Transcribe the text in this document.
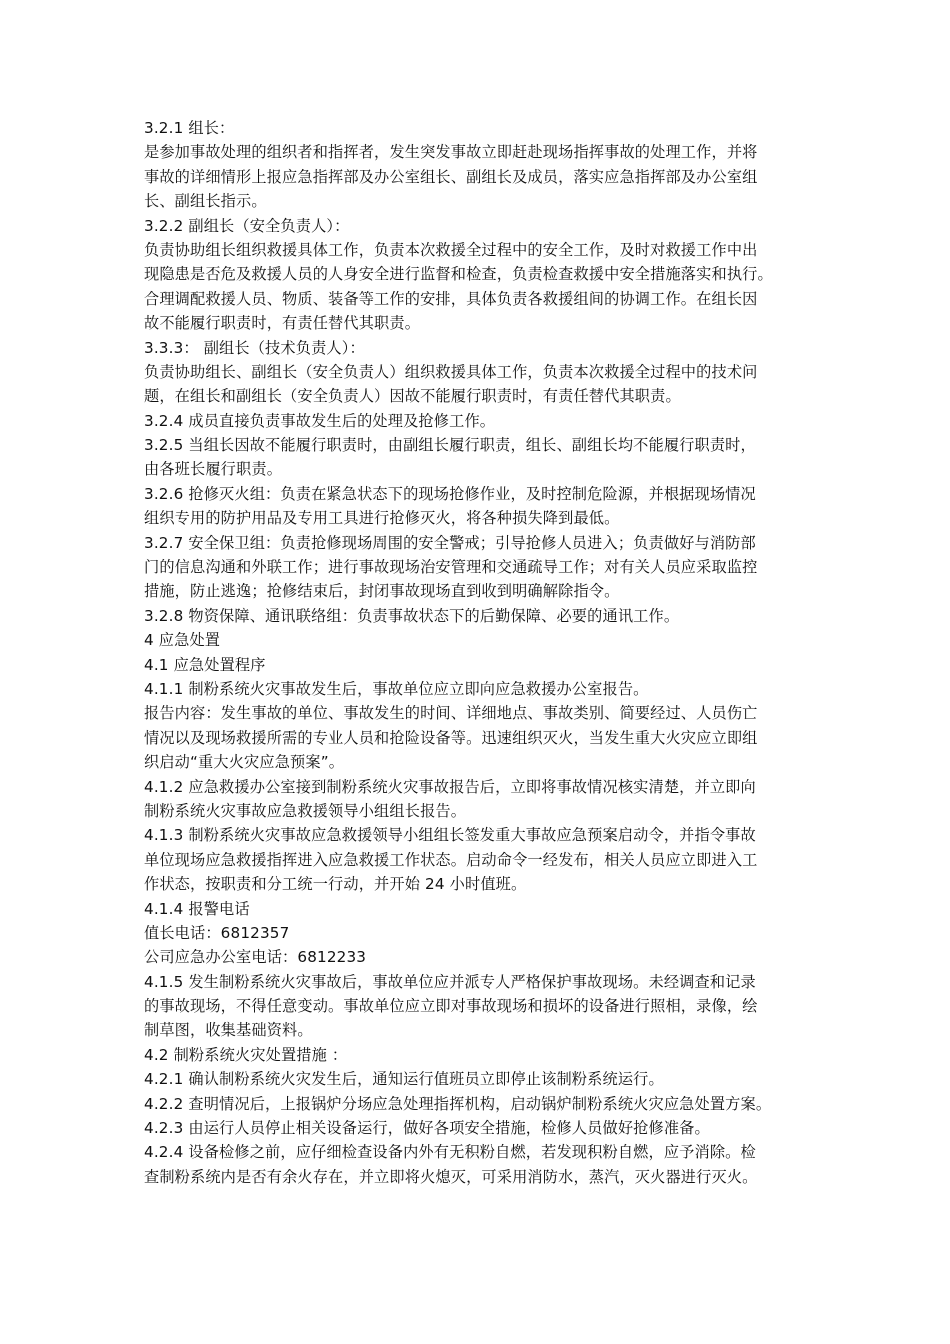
3.2.1 组长：
是参加事故处理的组织者和指挥者，发生突发事故立即赶赴现场指挥事故的处理工作，并将
事故的详细情形上报应急指挥部及办公室组长、副组长及成员，落实应急指挥部及办公室组
长、副组长指示。
3.2.2 副组长（安全负责人）：
负责协助组长组织救援具体工作，负责本次救援全过程中的安全工作，及时对救援工作中出
现隐患是否危及救援人员的人身安全进行监督和检查，负责检查救援中安全措施落实和执行。
合理调配救援人员、物质、装备等工作的安排，具体负责各救援组间的协调工作。在组长因
故不能履行职责时，有责任替代其职责。
3.3.3： 副组长（技术负责人）：
负责协助组长、副组长（安全负责人）组织救援具体工作，负责本次救援全过程中的技术问
题，在组长和副组长（安全负责人）因故不能履行职责时，有责任替代其职责。
3.2.4 成员直接负责事故发生后的处理及抢修工作。
3.2.5 当组长因故不能履行职责时，由副组长履行职责，组长、副组长均不能履行职责时，
由各班长履行职责。
3.2.6 抢修灭火组：负责在紧急状态下的现场抢修作业，及时控制危险源，并根据现场情况
组织专用的防护用品及专用工具进行抢修灭火，将各种损失降到最低。
3.2.7 安全保卫组：负责抢修现场周围的安全警戒；引导抢修人员进入；负责做好与消防部
门的信息沟通和外联工作；进行事故现场治安管理和交通疏导工作；对有关人员应采取监控
措施，防止逃逸；抢修结束后，封闭事故现场直到收到明确解除指令。
3.2.8 物资保障、通讯联络组：负责事故状态下的后勤保障、必要的通讯工作。
4 应急处置
4.1 应急处置程序
4.1.1 制粉系统火灾事故发生后，事故单位应立即向应急救援办公室报告。
报告内容：发生事故的单位、事故发生的时间、详细地点、事故类别、简要经过、人员伤亡
情况以及现场救援所需的专业人员和抢险设备等。迅速组织灭火，当发生重大火灾应立即组
织启动“重大火灾应急预案”。
4.1.2 应急救援办公室接到制粉系统火灾事故报告后，立即将事故情况核实清楚，并立即向
制粉系统火灾事故应急救援领导小组组长报告。
4.1.3 制粉系统火灾事故应急救援领导小组组长签发重大事故应急预案启动令，并指令事故
单位现场应急救援指挥进入应急救援工作状态。启动命令一经发布，相关人员应立即进入工
作状态，按职责和分工统一行动，并开始 24 小时值班。
4.1.4 报警电话
值长电话：6812357
公司应急办公室电话：6812233
4.1.5 发生制粉系统火灾事故后，事故单位应并派专人严格保护事故现场。未经调查和记录
的事故现场，不得任意变动。事故单位应立即对事故现场和损坏的设备进行照相，录像，绘
制草图，收集基础资料。
4.2 制粉系统火灾处置措施 ：
4.2.1 确认制粉系统火灾发生后，通知运行值班员立即停止该制粉系统运行。
4.2.2 查明情况后，上报锅炉分场应急处理指挥机构，启动锅炉制粉系统火灾应急处置方案。
4.2.3 由运行人员停止相关设备运行，做好各项安全措施，检修人员做好抢修准备。
4.2.4 设备检修之前，应仔细检查设备内外有无积粉自燃，若发现积粉自燃，应予消除。检
查制粉系统内是否有余火存在，并立即将火熄灭，可采用消防水，蒸汽，灭火器进行灭火。
